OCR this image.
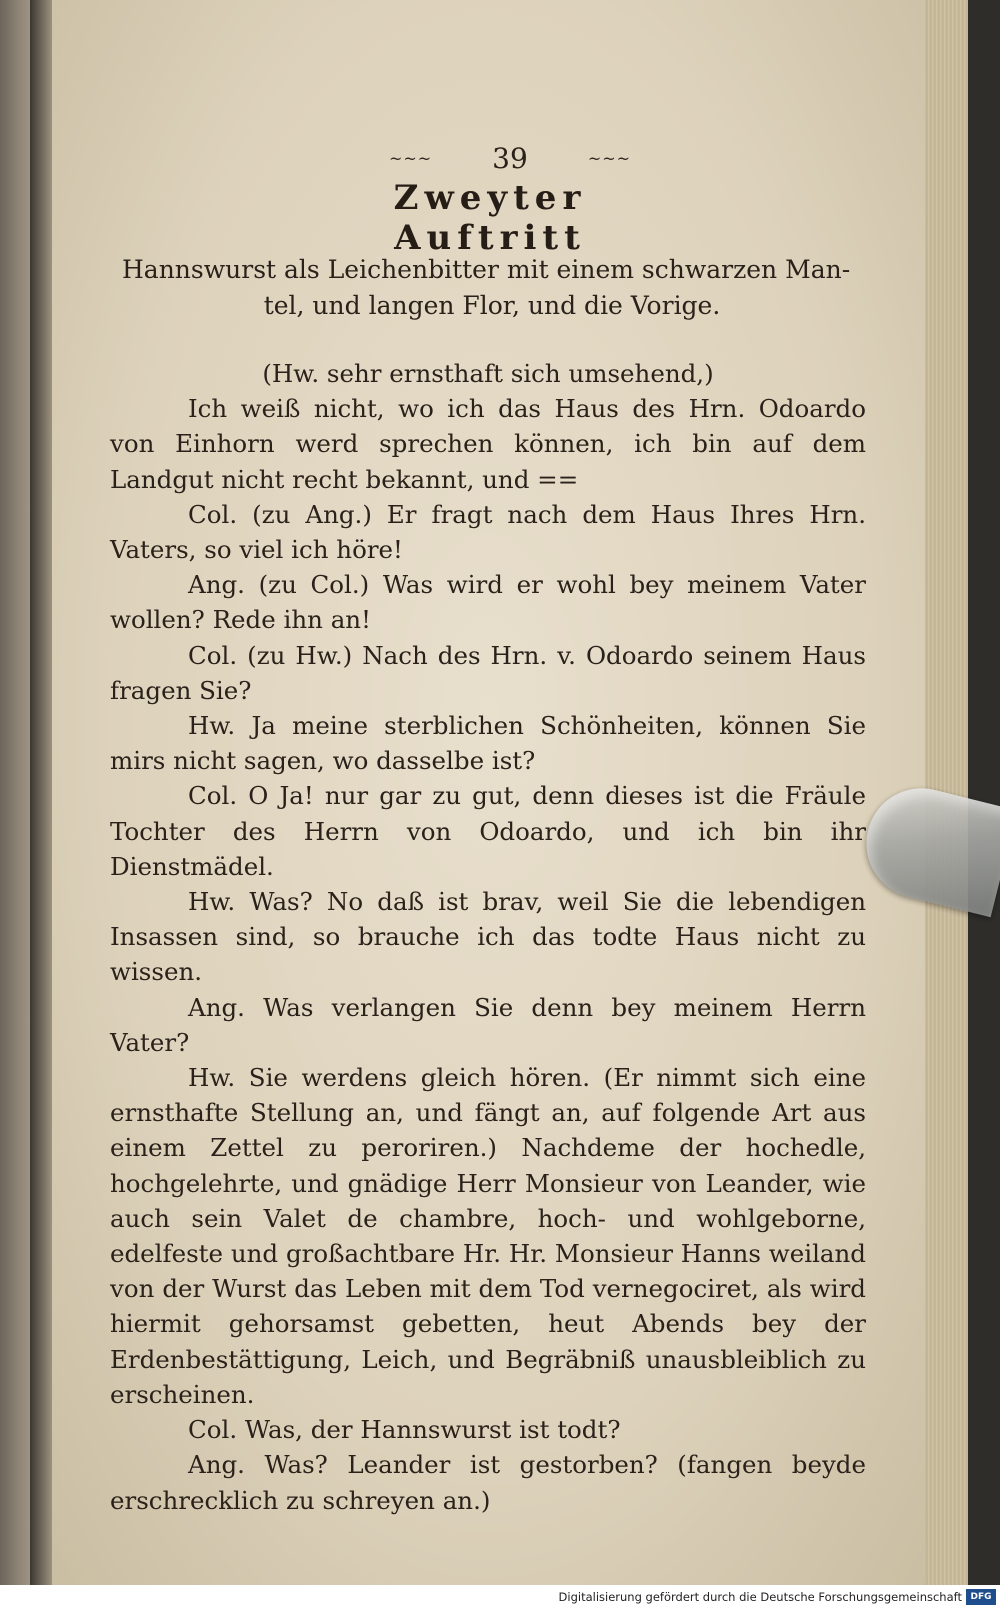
~~~ 39	~~~
Zweyter Auftritt
Hannswurst als Leichenbitter mit einem schwarzen Man-
tel, und langen Flor, und die Vorige.

(Hw. sehr ernsthaft sich umsehend,)

Ich weiß nicht, wo ich das Haus des Hrn. Odoardo von Einhorn werd sprechen können, ich bin auf dem Landgut nicht recht bekannt, und ==

Col. (zu Ang.) Er fragt nach dem Haus Ihres Hrn. Vaters, so viel ich höre!

Ang. (zu Col.) Was wird er wohl bey meinem Vater wollen? Rede ihn an!

Col. (zu Hw.) Nach des Hrn. v. Odoardo seinem Haus fragen Sie?

Hw. Ja meine sterblichen Schönheiten, können Sie mirs nicht sagen, wo dasselbe ist?

Col. O Ja! nur gar zu gut, denn dieses ist die Fräule Tochter des Herrn von Odoardo, und ich bin ihr Dienstmädel.

Hw. Was? No daß ist brav, weil Sie die lebendigen Insassen sind, so brauche ich das todte Haus nicht zu wissen.

Ang. Was verlangen Sie denn bey meinem Herrn Vater?

Hw. Sie werdens gleich hören. (Er nimmt sich eine ernsthafte Stellung an, und fängt an, auf folgende Art aus einem Zettel zu peroriren.) Nachdeme der hochedle, hochgelehrte, und gnädige Herr Monsieur von Leander, wie auch sein Valet de chambre, hoch- und wohlgeborne, edelfeste und großachtbare Hr. Hr. Monsieur Hanns weiland von der Wurst das Leben mit dem Tod vernegociret, als wird hiermit gehorsamst gebetten, heut Abends bey der Erdenbestättigung, Leich, und Begräbniß unausbleiblich zu erscheinen.

Col. Was, der Hannswurst ist todt?

Ang. Was? Leander ist gestorben? (fangen beyde erschrecklich zu schreyen an.)

Digitalisierung gefördert durch die Deutsche Forschungsgemeinschaft DFG
